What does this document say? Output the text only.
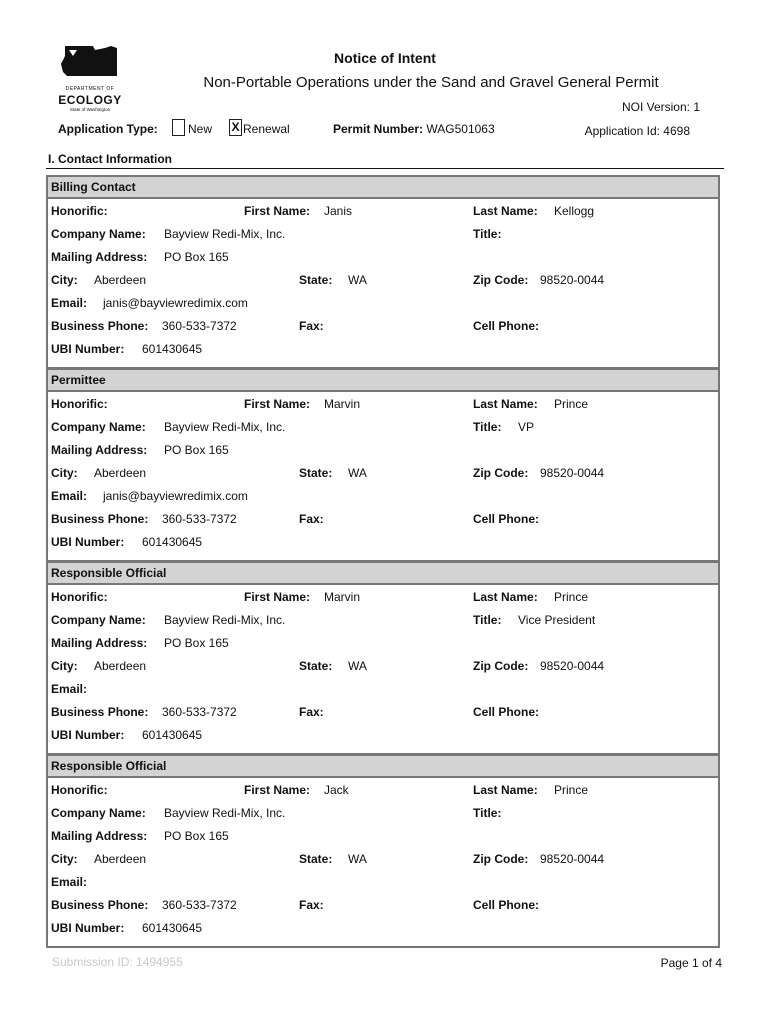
DEPARTMENT OF
ECOLOGY
State of Washington
Notice of Intent
Non-Portable Operations under the Sand and Gravel General Permit
NOI Version: 1
Application Type:	New X Renewal	Permit Number: WAG501063	Application Id: 4698
I. Contact Information
Billing Contact
Honorific:	First Name: Janis	Last Name: Kellogg
Company Name: Bayview Redi-Mix, Inc.	Title:
Mailing Address: PO Box 165
City: Aberdeen	State: WA	Zip Code: 98520-0044
Email: janis@bayviewredimix.com
Business Phone: 360-533-7372	Fax:	Cell Phone:
UBI Number: 601430645
Permittee
Honorific:	First Name: Marvin	Last Name: Prince
Company Name: Bayview Redi-Mix, Inc.	Title: VP
Mailing Address: PO Box 165
City: Aberdeen	State: WA	Zip Code: 98520-0044
Email: janis@bayviewredimix.com
Business Phone: 360-533-7372	Fax:	Cell Phone:
UBI Number: 601430645
Responsible Official
Honorific:	First Name: Marvin	Last Name: Prince
Company Name: Bayview Redi-Mix, Inc.	Title: Vice President
Mailing Address: PO Box 165
City: Aberdeen	State: WA	Zip Code: 98520-0044
Email:
Business Phone: 360-533-7372	Fax:	Cell Phone:
UBI Number: 601430645
Responsible Official
Honorific:	First Name: Jack	Last Name: Prince
Company Name: Bayview Redi-Mix, Inc.	Title:
Mailing Address: PO Box 165
City: Aberdeen	State: WA	Zip Code: 98520-0044
Email:
Business Phone: 360-533-7372	Fax:	Cell Phone:
UBI Number: 601430645
Submission ID: 1494955	Page 1 of 4
